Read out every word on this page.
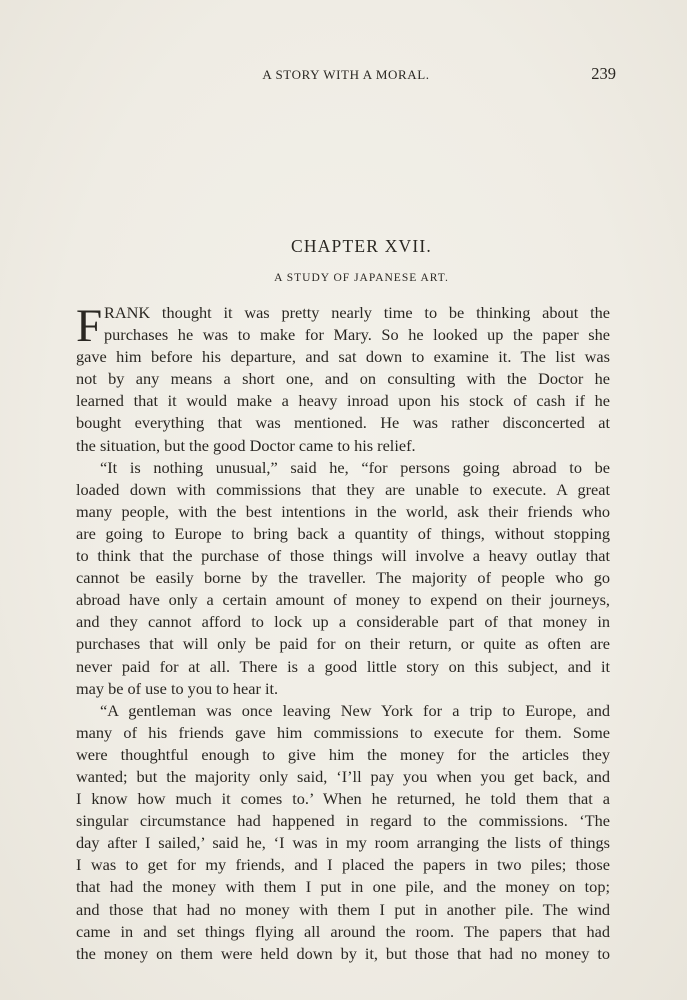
A STORY WITH A MORAL.	239
CHAPTER XVII.
A STUDY OF JAPANESE ART.
F RANK thought it was pretty nearly time to be thinking about the
purchases he was to make for Mary. So he looked up the paper she
gave him before his departure, and sat down to examine it. The list was
not by any means a short one, and on consulting with the Doctor he
learned that it would make a heavy inroad upon his stock of cash if he
bought everything that was mentioned. He was rather disconcerted at
the situation, but the good Doctor came to his relief.
“It is nothing unusual,” said he, “for persons going abroad to be
loaded down with commissions that they are unable to execute. A great
many people, with the best intentions in the world, ask their friends who
are going to Europe to bring back a quantity of things, without stopping
to think that the purchase of those things will involve a heavy outlay that
cannot be easily borne by the traveller. The majority of people who go
abroad have only a certain amount of money to expend on their journeys,
and they cannot afford to lock up a considerable part of that money in
purchases that will only be paid for on their return, or quite as often are
never paid for at all. There is a good little story on this subject, and it
may be of use to you to hear it.
“A gentleman was once leaving New York for a trip to Europe, and
many of his friends gave him commissions to execute for them. Some
were thoughtful enough to give him the money for the articles they
wanted; but the majority only said, ‘I’ll pay you when you get back, and
I know how much it comes to.’ When he returned, he told them that a
singular circumstance had happened in regard to the commissions. ‘The
day after I sailed,’ said he, ‘I was in my room arranging the lists of things
I was to get for my friends, and I placed the papers in two piles; those
that had the money with them I put in one pile, and the money on top;
and those that had no money with them I put in another pile. The wind
came in and set things flying all around the room. The papers that had
the money on them were held down by it, but those that had no money to
